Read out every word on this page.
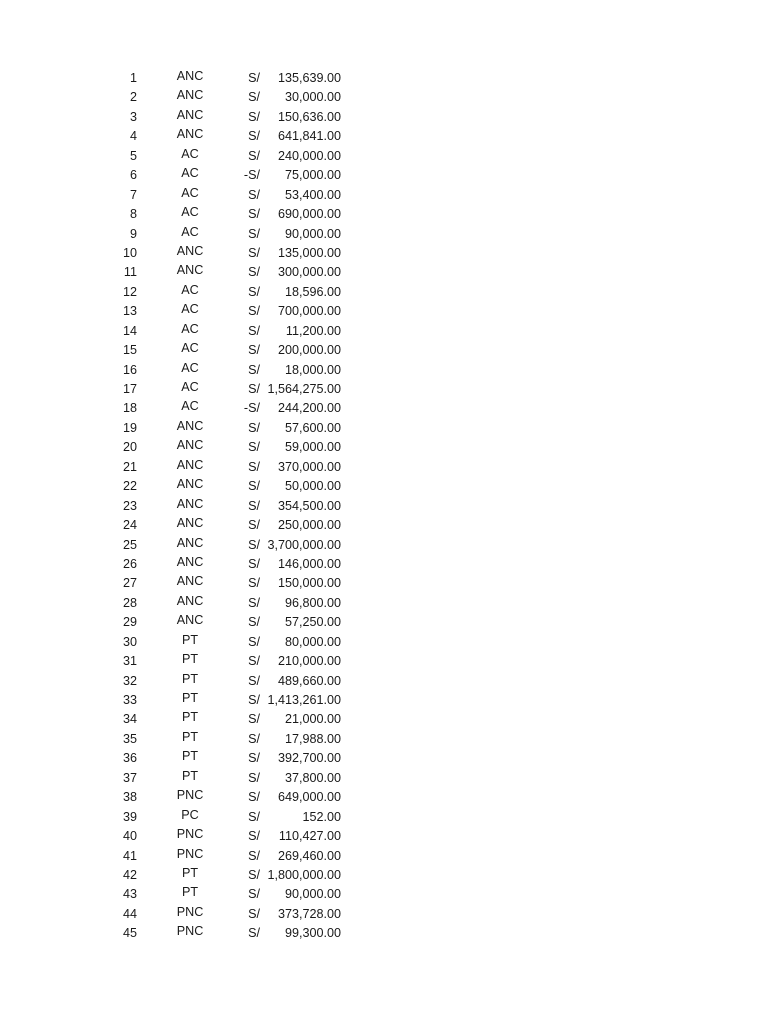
1	ANC	S/	135,639.00
2	ANC	S/	30,000.00
3	ANC	S/	150,636.00
4	ANC	S/	641,841.00
5	AC	S/	240,000.00
6	AC	-S/	75,000.00
7	AC	S/	53,400.00
8	AC	S/	690,000.00
9	AC	S/	90,000.00
10	ANC	S/	135,000.00
11	ANC	S/	300,000.00
12	AC	S/	18,596.00
13	AC	S/	700,000.00
14	AC	S/	11,200.00
15	AC	S/	200,000.00
16	AC	S/	18,000.00
17	AC	S/ 1,564,275.00
18	AC	-S/	244,200.00
19	ANC	S/	57,600.00
20	ANC	S/	59,000.00
21	ANC	S/	370,000.00
22	ANC	S/	50,000.00
23	ANC	S/	354,500.00
24	ANC	S/	250,000.00
25	ANC	S/ 3,700,000.00
26	ANC	S/	146,000.00
27	ANC	S/	150,000.00
28	ANC	S/	96,800.00
29	ANC	S/	57,250.00
30	PT	S/	80,000.00
31	PT	S/	210,000.00
32	PT	S/	489,660.00
33	PT	S/ 1,413,261.00
34	PT	S/	21,000.00
35	PT	S/	17,988.00
36	PT	S/	392,700.00
37	PT	S/	37,800.00
38	PNC	S/	649,000.00
39	PC	S/	152.00
40	PNC	S/	110,427.00
41	PNC	S/	269,460.00
42	PT	S/ 1,800,000.00
43	PT	S/	90,000.00
44	PNC	S/	373,728.00
45	PNC	S/	99,300.00
